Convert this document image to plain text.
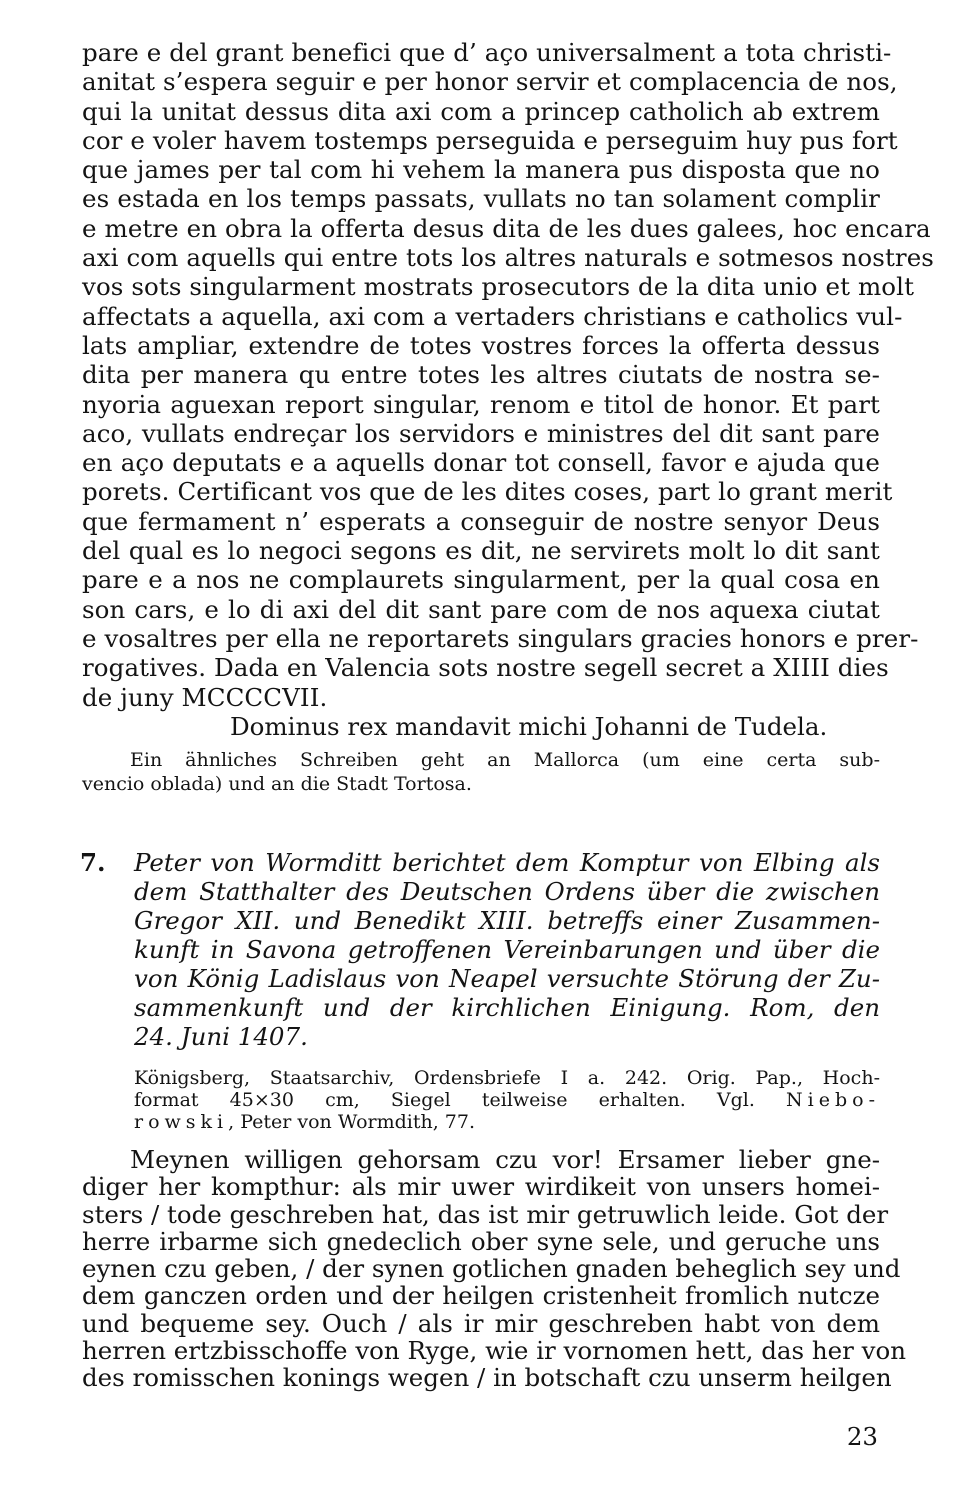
pare e del grant benefici que d’ aço universalment a tota christi-
anitat s’espera seguir e per honor servir et complacencia de nos,
qui la unitat dessus dita axi com a princep catholich ab extrem
cor e voler havem tostemps perseguida e perseguim huy pus fort
que james per tal com hi vehem la manera pus disposta que no
es estada en los temps passats, vullats no tan solament complir
e metre en obra la offerta desus dita de les dues galees, hoc encara
axi com aquells qui entre tots los altres naturals e sotmesos nostres
vos sots singularment mostrats prosecutors de la dita unio et molt
affectats a aquella, axi com a vertaders christians e catholics vul-
lats ampliar, extendre de totes vostres forces la offerta dessus
dita per manera qu entre totes les altres ciutats de nostra se-
nyoria aguexan report singular, renom e titol de honor. Et part
aco, vullats endreçar los servidors e ministres del dit sant pare
en aço deputats e a aquells donar tot consell, favor e ajuda que
porets. Certificant vos que de les dites coses, part lo grant merit
que fermament n’ esperats a conseguir de nostre senyor Deus
del qual es lo negoci segons es dit, ne servirets molt lo dit sant
pare e a nos ne complaurets singularment, per la qual cosa en
son cars, e lo di axi del dit sant pare com de nos aquexa ciutat
e vosaltres per ella ne reportarets singulars gracies honors e prer-
rogatives. Dada en Valencia sots nostre segell secret a XIIII dies
de juny MCCCCVII.
Dominus rex mandavit michi Johanni de Tudela.
Ein ähnliches Schreiben geht an Mallorca (um eine certa sub-
vencio oblada) und an die Stadt Tortosa.
7. Peter von Wormditt berichtet dem Komptur von Elbing als
dem Statthalter des Deutschen Ordens über die zwischen
Gregor XII. und Benedikt XIII. betreffs einer Zusammen-
kunft in Savona getroffenen Vereinbarungen und über die
von König Ladislaus von Neapel versuchte Störung der Zu-
sammenkunft und der kirchlichen Einigung. Rom, den
24. Juni 1407.
Königsberg, Staatsarchiv, Ordensbriefe I a. 242. Orig. Pap., Hoch-
format 45×30 cm, Siegel teilweise erhalten. Vgl. Niebo-
rowski, Peter von Wormdith, 77.
Meynen willigen gehorsam czu vor! Ersamer lieber gne-
diger her kompthur: als mir uwer wirdikeit von unsers homei-
sters / tode geschreben hat, das ist mir getruwlich leide. Got der
herre irbarme sich gnedeclich ober syne sele, und geruche uns
eynen czu geben, / der synen gotlichen gnaden beheglich sey und
dem ganczen orden und der heilgen cristenheit fromlich nutcze
und bequeme sey. Ouch / als ir mir geschreben habt von dem
herren ertzbisschoffe von Ryge, wie ir vornomen hett, das her von
des romisschen konings wegen / in botschaft czu unserm heilgen
23
